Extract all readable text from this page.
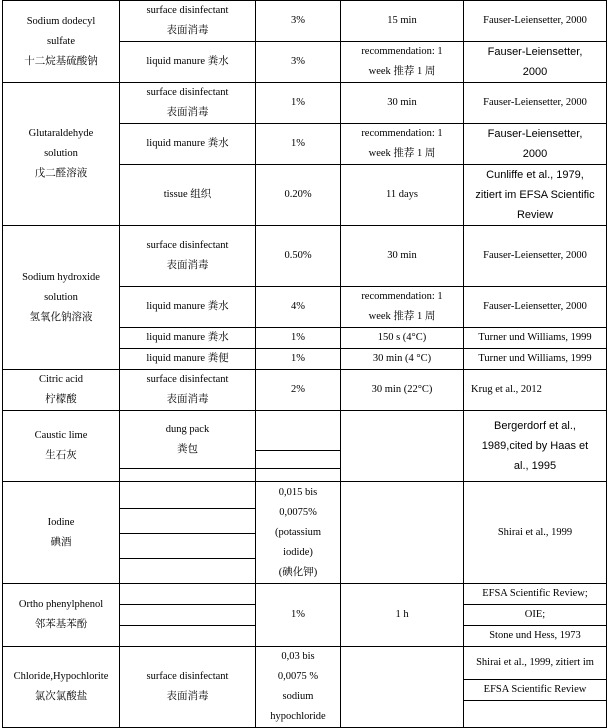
Sodium dodecyl
sulfate
十二烷基硫酸钠	surface disinfectant
表面消毒	3%	15 min	Fauser-Leiensetter, 2000

	liquid manure 粪水	3%	recommendation: 1
week 推荐 1 周	Fauser-Leiensetter,
2000

Glutaraldehyde
solution
戊二醛溶液	surface disinfectant
表面消毒	1%	30 min	Fauser-Leiensetter, 2000

	liquid manure 粪水	1%	recommendation: 1
week 推荐 1 周	Fauser-Leiensetter,
2000

	tissue 组织	0.20%	11 days	Cunliffe et al., 1979,
zitiert im EFSA Scientific
Review

Sodium hydroxide
solution
氢氧化钠溶液	surface disinfectant
表面消毒	0.50%	30 min	Fauser-Leiensetter, 2000

	liquid manure 粪水	4%	recommendation: 1
week 推荐 1 周	Fauser-Leiensetter, 2000

	liquid manure 粪水	1%	150 s (4°C)	Turner und Williams, 1999

	liquid manure 粪便	1%	30 min (4 °C)	Turner und Williams, 1999

Citric acid
柠檬酸	surface disinfectant
表面消毒	2%	30 min (22°C)	Krug et al., 2012

Caustic lime
生石灰	dung pack
粪包			Bergerdorf et al.,
1989,cited by Haas et
al., 1995

Iodine
碘酒		0,015 bis
0,0075%
(potassium
iodide)
(碘化钾)		Shirai et al., 1999

Ortho phenylphenol
邻苯基苯酚		1%	1 h	EFSA Scientific Review;

				OIE;

				Stone und Hess, 1973

Chloride,Hypochlorite
氯次氯酸盐	surface disinfectant
表面消毒	0,03 bis
0,0075 %
sodium
hypochloride		Shirai et al., 1999, zitiert im

				EFSA Scientific Review
